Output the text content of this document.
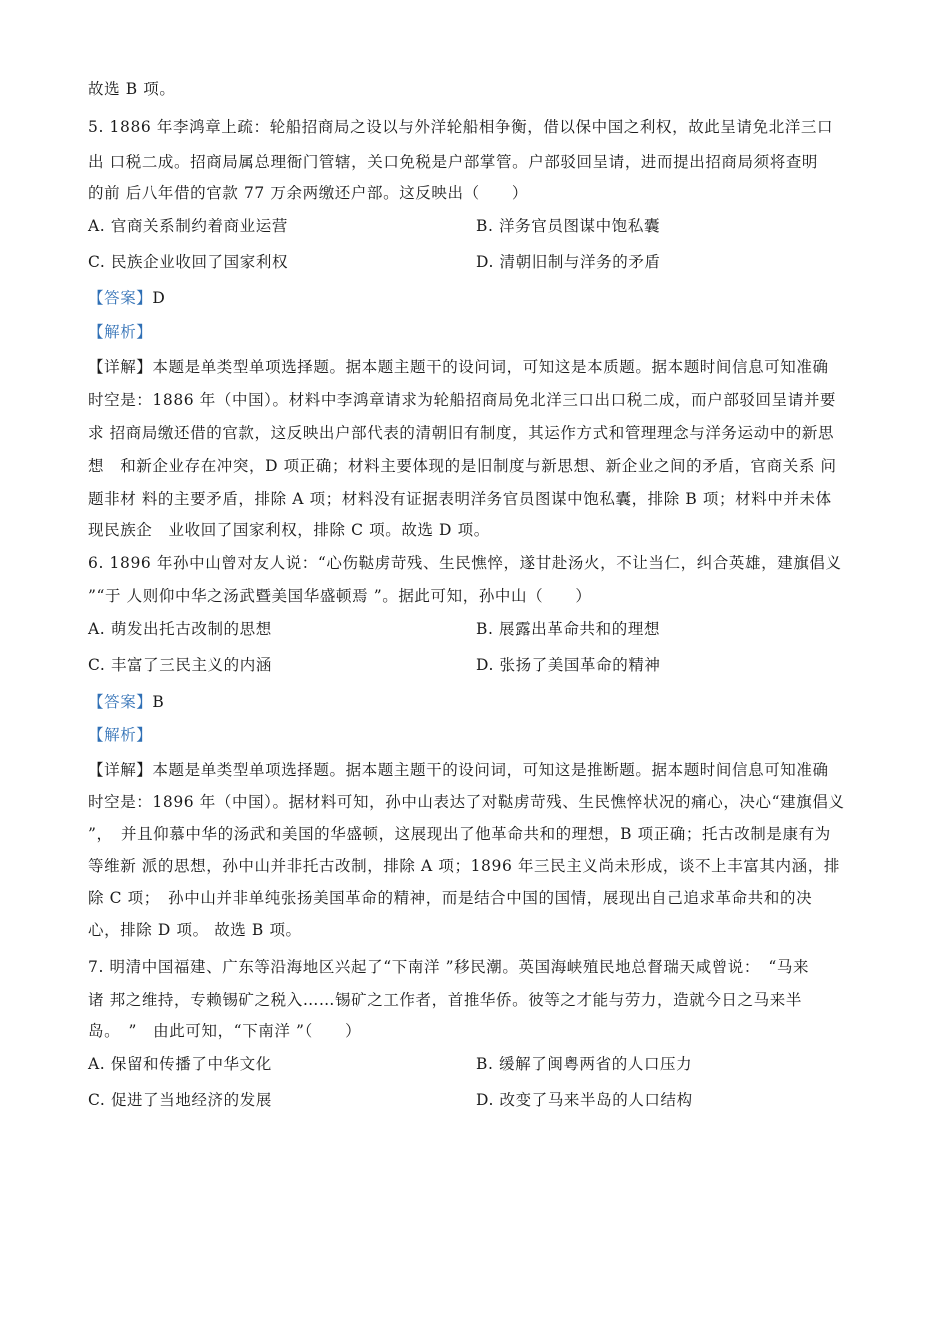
故选 B 项。
5. 1886 年李鸿章上疏：轮船招商局之设以与外洋轮船相争衡，借以保中国之利权，故此呈请免北洋三口
出 口税二成。招商局属总理衙门管辖，关口免税是户部掌管。户部驳回呈请，进而提出招商局须将查明
的前 后八年借的官款 77 万余两缴还户部。这反映出（　　）
A. 官商关系制约着商业运营	B. 洋务官员图谋中饱私囊
C. 民族企业收回了国家利权	D. 清朝旧制与洋务的矛盾
【答案】D
【解析】
【详解】本题是单类型单项选择题。据本题主题干的设问词，可知这是本质题。据本题时间信息可知准确
时空是：1886 年（中国）。材料中李鸿章请求为轮船招商局免北洋三口出口税二成，而户部驳回呈请并要
求 招商局缴还借的官款，这反映出户部代表的清朝旧有制度，其运作方式和管理理念与洋务运动中的新思
想　和新企业存在冲突，D 项正确；材料主要体现的是旧制度与新思想、新企业之间的矛盾，官商关系 问
题非材 料的主要矛盾，排除 A 项；材料没有证据表明洋务官员图谋中饱私囊，排除 B 项；材料中并未体
现民族企　业收回了国家利权，排除 C 项。故选 D 项。
6. 1896 年孙中山曾对友人说：“心伤鞑虏苛残、生民憔悴，遂甘赴汤火，不让当仁，纠合英雄，建旗倡义
”“于 人则仰中华之汤武暨美国华盛顿焉 ”。据此可知，孙中山（　　）
A. 萌发出托古改制的思想	B. 展露出革命共和的理想
C. 丰富了三民主义的内涵	D. 张扬了美国革命的精神
【答案】B
【解析】
【详解】本题是单类型单项选择题。据本题主题干的设问词，可知这是推断题。据本题时间信息可知准确
时空是：1896 年（中国）。据材料可知，孙中山表达了对鞑虏苛残、生民憔悴状况的痛心，决心“建旗倡义
”，　并且仰慕中华的汤武和美国的华盛顿，这展现出了他革命共和的理想，B 项正确；托古改制是康有为
等维新 派的思想，孙中山并非托古改制，排除 A 项；1896 年三民主义尚未形成，谈不上丰富其内涵，排
除 C 项；　孙中山并非单纯张扬美国革命的精神，而是结合中国的国情，展现出自己追求革命共和的决
心，排除 D 项。 故选 B 项。
7. 明清中国福建、广东等沿海地区兴起了“下南洋 ”移民潮。英国海峡殖民地总督瑞天咸曾说：　“马来
诸 邦之维持，专赖锡矿之税入……锡矿之工作者，首推华侨。彼等之才能与劳力，造就今日之马来半
岛。　”　由此可知，“下南洋 ”（　　）
A. 保留和传播了中华文化	B. 缓解了闽粤两省的人口压力
C. 促进了当地经济的发展	D. 改变了马来半岛的人口结构
